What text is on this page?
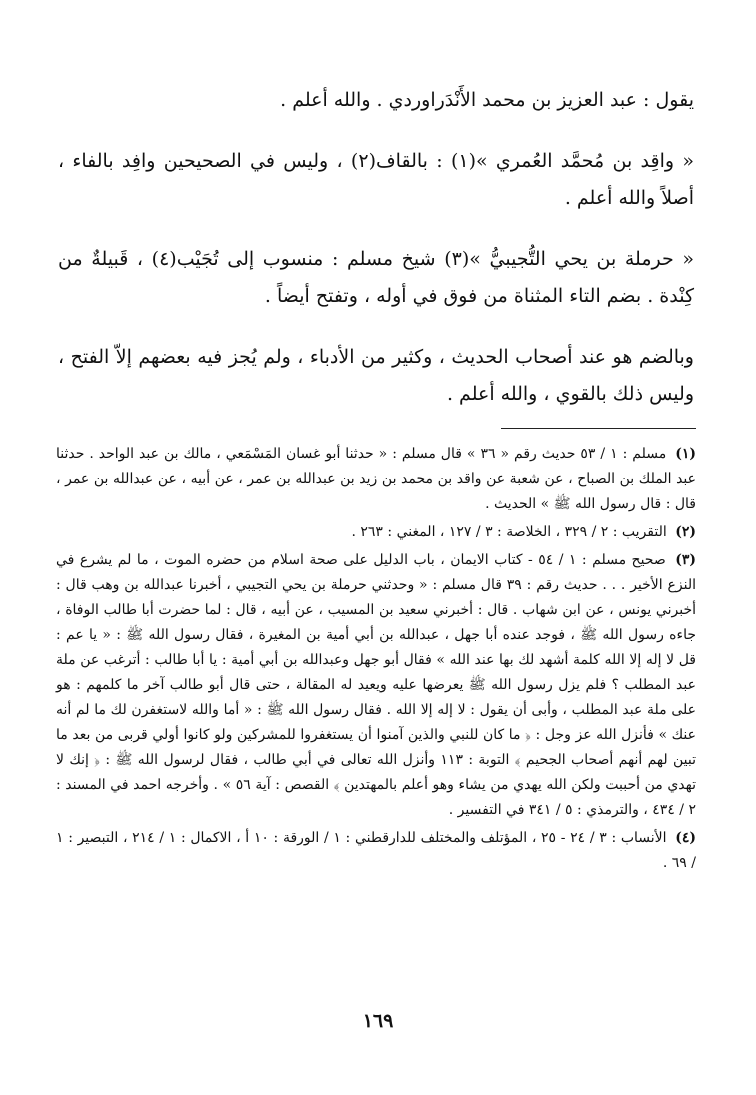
يقول : عبد العزيز بن محمد الأَنْدَراوردي . والله أعلم .

« واقِد بن مُحمَّد العُمري »(١) : بالقاف(٢) ، وليس في الصحيحين وافِد بالفاء ، أصلاً والله أعلم .

« حرملة بن يحي التُّجيبيُّ »(٣) شيخ مسلم : منسوب إلى تُجَيْب(٤) ، قَبيلةٌ من كِنْدة . بضم التاء المثناة من فوق في أوله ، وتفتح أيضاً .

وبالضم هو عند أصحاب الحديث ، وكثير من الأدباء ، ولم يُجز فيه بعضهم إلاّ الفتح ، وليس ذلك بالقوي ، والله أعلم .

(١) مسلم : ١ / ٥٣ حديث رقم « ٣٦ » قال مسلم : « حدثنا أبو غسان المَسْمَعي ، مالك بن عبد الواحد . حدثنا عبد الملك بن الصباح ، عن شعبة عن واقد بن محمد بن زيد بن عبدالله بن عمر ، عن أبيه ، عن عبدالله بن عمر ، قال : قال رسول الله ﷺ » الحديث .
(٢) التقريب : ٢ / ٣٢٩ ، الخلاصة : ٣ / ١٢٧ ، المغني : ٢٦٣ .
(٣) صحيح مسلم : ١ / ٥٤ - كتاب الايمان ، باب الدليل على صحة اسلام من حضره الموت ، ما لم يشرع في النزع الأخير . . . حديث رقم : ٣٩ قال مسلم : « وحدثني حرملة بن يحي التجيبي ، أخبرنا عبدالله بن وهب قال : أخبرني يونس ، عن ابن شهاب . قال : أخبرني سعيد بن المسيب ، عن أبيه ، قال : لما حضرت أبا طالب الوفاة ، جاءه رسول الله ﷺ ، فوجد عنده أبا جهل ، عبدالله بن أبي أمية بن المغيرة ، فقال رسول الله ﷺ : « يا عم : قل لا إله إلا الله كلمة أشهد لك بها عند الله » فقال أبو جهل وعبدالله بن أبي أمية : يا أبا طالب : أترغب عن ملة عبد المطلب ؟ فلم يزل رسول الله ﷺ يعرضها عليه ويعيد له المقالة ، حتى قال أبو طالب آخر ما كلمهم : هو على ملة عبد المطلب ، وأبى أن يقول : لا إله إلا الله . فقال رسول الله ﷺ : « أما والله لاستغفرن لك ما لم أنه عنك » فأنزل الله عز وجل : ﴿ ما كان للنبي والذين آمنوا أن يستغفروا للمشركين ولو كانوا أولي قربى من بعد ما تبين لهم أنهم أصحاب الجحيم ﴾ التوبة : ١١٣ وأنزل الله تعالى في أبي طالب ، فقال لرسول الله ﷺ : ﴿ إنك لا تهدي من أحببت ولكن الله يهدي من يشاء وهو أعلم بالمهتدين ﴾ القصص : آية ٥٦ » . وأخرجه احمد في المسند : ٢ / ٤٣٤ ، والترمذي : ٥ / ٣٤١ في التفسير .
(٤) الأنساب : ٣ / ٢٤ - ٢٥ ، المؤتلف والمختلف للدارقطني : ١ / الورقة : ١٠ أ ، الاكمال : ١ / ٢١٤ ، التبصير : ١ / ٦٩ .
١٦٩
